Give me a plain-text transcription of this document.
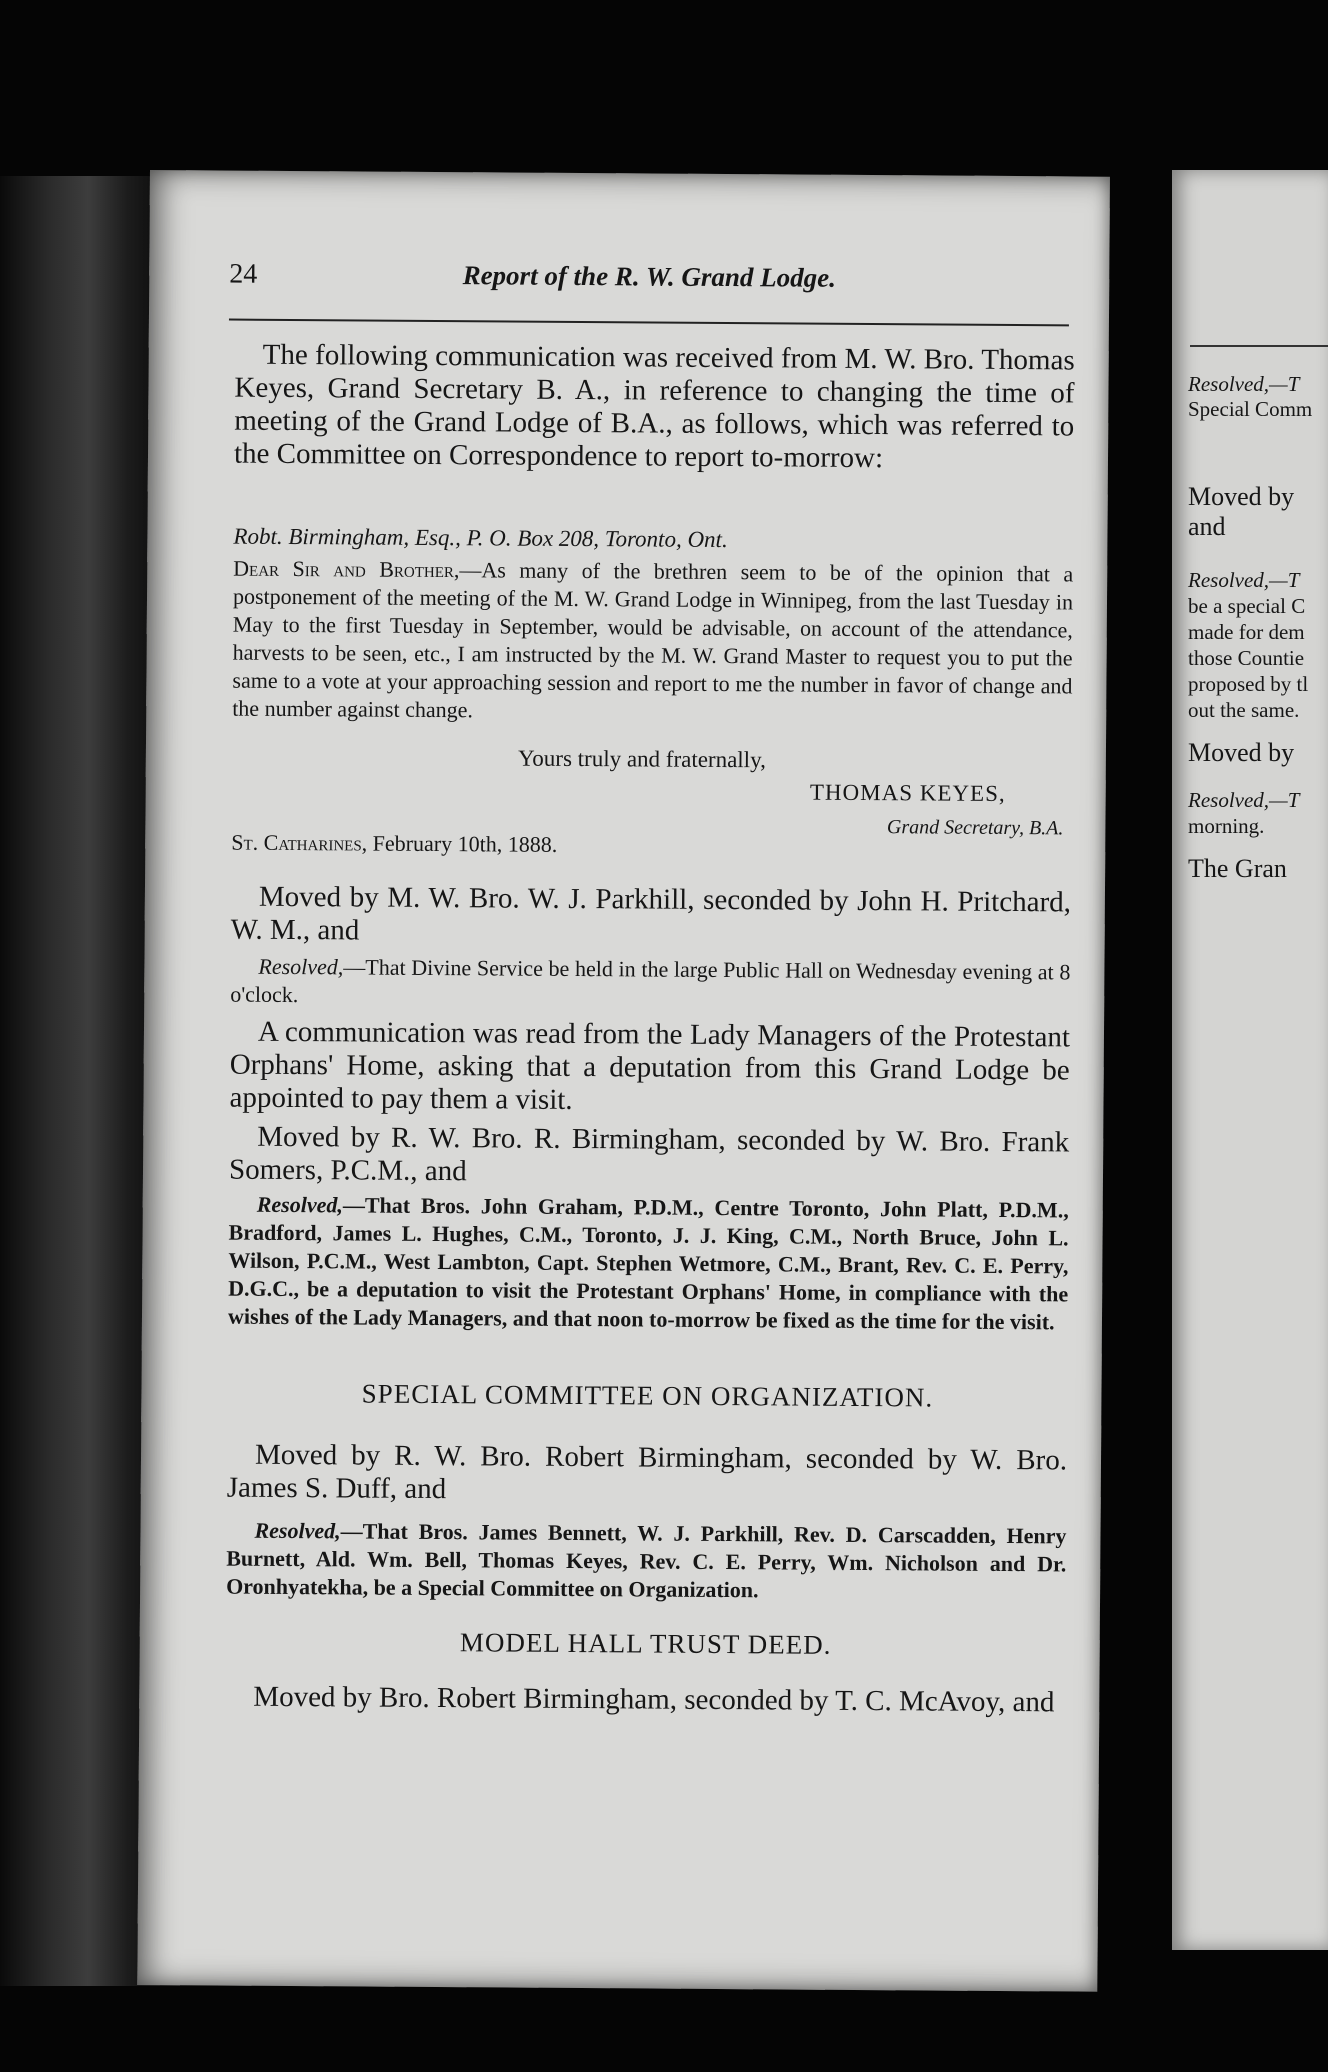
Resolved,—T
Special Comm
Moved by
and
Resolved,—T
be a special C
made for dem
those Countie
proposed by tl
out the same.
Moved by
Resolved,—T
morning.
The Gran
24	Report of the R. W. Grand Lodge.

The following communication was received from M. W. Bro. Thomas Keyes, Grand Secretary B. A., in reference to changing the time of meeting of the Grand Lodge of B.A., as follows, which was referred to the Committee on Correspondence to report to-morrow:

Robt. Birmingham, Esq., P. O. Box 208, Toronto, Ont.

Dear Sir and Brother,—As many of the brethren seem to be of the opinion that a postponement of the meeting of the M. W. Grand Lodge in Winnipeg, from the last Tuesday in May to the first Tuesday in September, would be advisable, on account of the attendance, harvests to be seen, etc., I am instructed by the M. W. Grand Master to request you to put the same to a vote at your approaching session and report to me the number in favor of change and the number against change.

Yours truly and fraternally,
THOMAS KEYES,
Grand Secretary, B.A.
St. Catharines, February 10th, 1888.

Moved by M. W. Bro. W. J. Parkhill, seconded by John H. Pritchard, W. M., and

Resolved,—That Divine Service be held in the large Public Hall on Wednesday evening at 8 o'clock.

A communication was read from the Lady Managers of the Protestant Orphans' Home, asking that a deputation from this Grand Lodge be appointed to pay them a visit.

Moved by R. W. Bro. R. Birmingham, seconded by W. Bro. Frank Somers, P.C.M., and

Resolved,—That Bros. John Graham, P.D.M., Centre Toronto, John Platt, P.D.M., Bradford, James L. Hughes, C.M., Toronto, J. J. King, C.M., North Bruce, John L. Wilson, P.C.M., West Lambton, Capt. Stephen Wetmore, C.M., Brant, Rev. C. E. Perry, D.G.C., be a deputation to visit the Protestant Orphans' Home, in compliance with the wishes of the Lady Managers, and that noon to-morrow be fixed as the time for the visit.

SPECIAL COMMITTEE ON ORGANIZATION.

Moved by R. W. Bro. Robert Birmingham, seconded by W. Bro. James S. Duff, and

Resolved,—That Bros. James Bennett, W. J. Parkhill, Rev. D. Carscadden, Henry Burnett, Ald. Wm. Bell, Thomas Keyes, Rev. C. E. Perry, Wm. Nicholson and Dr. Oronhyatekha, be a Special Committee on Organization.

MODEL HALL TRUST DEED.

Moved by Bro. Robert Birmingham, seconded by T. C. McAvoy, and
